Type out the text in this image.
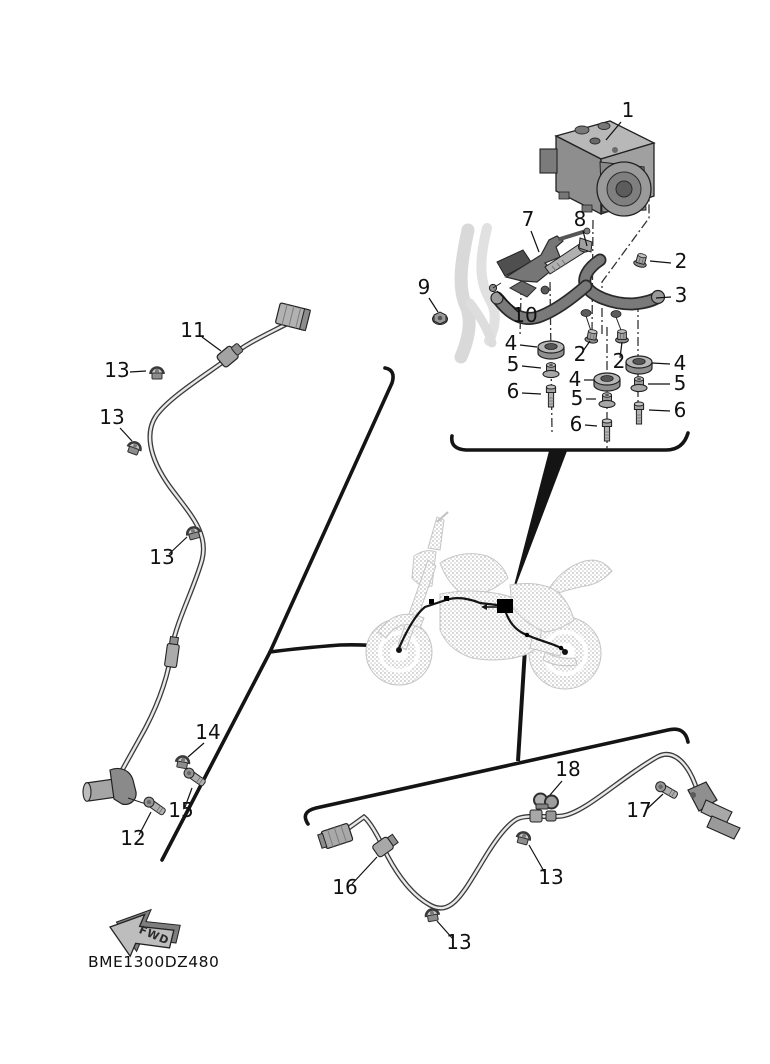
FWD
BME1300DZ480
1
7 8
2
3
9
10
4
5
6
2 2
4
5
6
4
5
6
11
13
13
13
14
15
12
16
13
13
18
17
